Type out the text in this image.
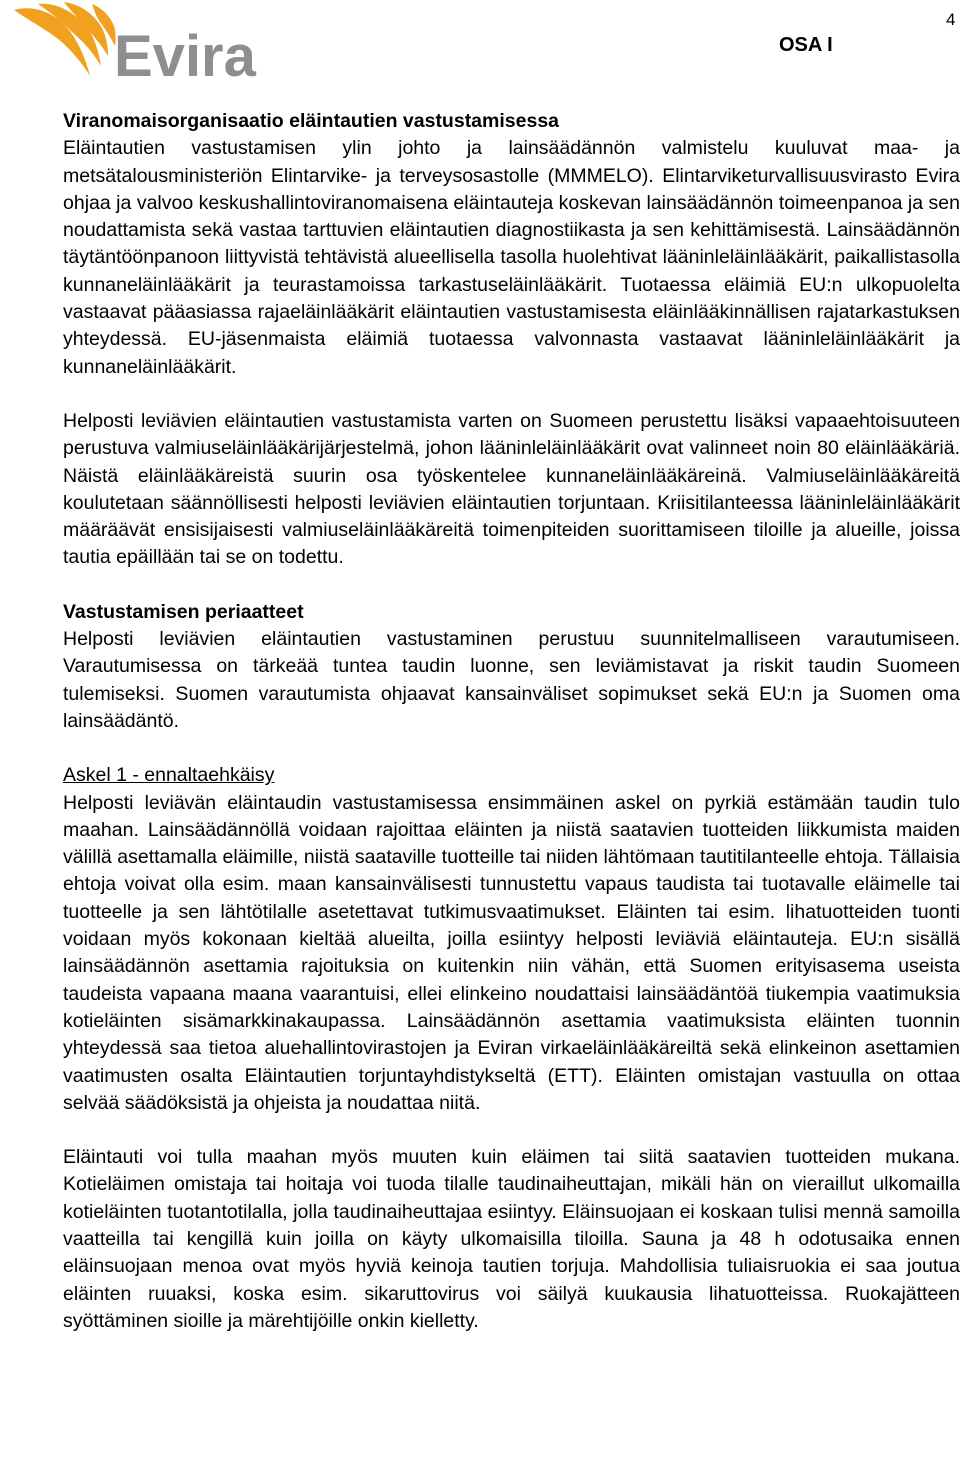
Evira	OSA I
4

Viranomaisorganisaatio eläintautien vastustamisessa

Eläintautien vastustamisen ylin johto ja lainsäädännön valmistelu kuuluvat maa- ja metsätalousministeriön Elintarvike- ja terveysosastolle (MMMELO). Elintarviketurvallisuusvirasto Evira ohjaa ja valvoo keskushallintoviranomaisena eläintauteja koskevan lainsäädännön toimeenpanoa ja sen noudattamista sekä vastaa tarttuvien eläintautien diagnostiikasta ja sen kehittämisestä. Lainsäädännön täytäntöönpanoon liittyvistä tehtävistä alueellisella tasolla huolehtivat lääninleläinlääkärit, paikallistasolla kunnaneläinlääkärit ja teurastamoissa tarkastuseläinlääkärit. Tuotaessa eläimiä EU:n ulkopuolelta vastaavat pääasiassa rajaeläinlääkärit eläintautien vastustamisesta eläinlääkinnällisen rajatarkastuksen yhteydessä. EU-jäsenmaista eläimiä tuotaessa valvonnasta vastaavat lääninleläinlääkärit ja kunnaneläinlääkärit.

Helposti leviävien eläintautien vastustamista varten on Suomeen perustettu lisäksi vapaaehtoisuuteen perustuva valmiuseläinlääkärijärjestelmä, johon lääninleläinlääkärit ovat valinneet noin 80 eläinlääkäriä. Näistä eläinlääkäreistä suurin osa työskentelee kunnaneläinlääkäreinä. Valmiuseläinlääkäreitä koulutetaan säännöllisesti helposti leviävien eläintautien torjuntaan. Kriisitilanteessa lääninleläinlääkärit määräävät ensisijaisesti valmiuseläinlääkäreitä toimenpiteiden suorittamiseen tiloille ja alueille, joissa tautia epäillään tai se on todettu.

Vastustamisen periaatteet

Helposti leviävien eläintautien vastustaminen perustuu suunnitelmalliseen varautumiseen. Varautumisessa on tärkeää tuntea taudin luonne, sen leviämistavat ja riskit taudin Suomeen tulemiseksi. Suomen varautumista ohjaavat kansainväliset sopimukset sekä EU:n ja Suomen oma lainsäädäntö.

Askel 1 - ennaltaehkäisy

Helposti leviävän eläintaudin vastustamisessa ensimmäinen askel on pyrkiä estämään taudin tulo maahan. Lainsäädännöllä voidaan rajoittaa eläinten ja niistä saatavien tuotteiden liikkumista maiden välillä asettamalla eläimille, niistä saataville tuotteille tai niiden lähtömaan tautitilanteelle ehtoja. Tällaisia ehtoja voivat olla esim. maan kansainvälisesti tunnustettu vapaus taudista tai tuotavalle eläimelle tai tuotteelle ja sen lähtötilalle asetettavat tutkimusvaatimukset. Eläinten tai esim. lihatuotteiden tuonti voidaan myös kokonaan kieltää alueilta, joilla esiintyy helposti leviäviä eläintauteja. EU:n sisällä lainsäädännön asettamia rajoituksia on kuitenkin niin vähän, että Suomen erityisasema useista taudeista vapaana maana vaarantuisi, ellei elinkeino noudattaisi lainsäädäntöä tiukempia vaatimuksia kotieläinten sisämarkkinakaupassa. Lainsäädännön asettamia vaatimuksista eläinten tuonnin yhteydessä saa tietoa aluehallintovirastojen ja Eviran virkaeläinlääkäreiltä sekä elinkeinon asettamien vaatimusten osalta Eläintautien torjuntayhdistykseltä (ETT). Eläinten omistajan vastuulla on ottaa selvää säädöksistä ja ohjeista ja noudattaa niitä.

Eläintauti voi tulla maahan myös muuten kuin eläimen tai siitä saatavien tuotteiden mukana. Kotieläimen omistaja tai hoitaja voi tuoda tilalle taudinaiheuttajan, mikäli hän on vieraillut ulkomailla kotieläinten tuotantotilalla, jolla taudinaiheuttajaa esiintyy. Eläinsuojaan ei koskaan tulisi mennä samoilla vaatteilla tai kengillä kuin joilla on käyty ulkomaisilla tiloilla. Sauna ja 48 h odotusaika ennen eläinsuojaan menoa ovat myös hyviä keinoja tautien torjuja. Mahdollisia tuliaisruokia ei saa joutua eläinten ruuaksi, koska esim. sikaruttovirus voi säilyä kuukausia lihatuotteissa. Ruokajätteen syöttäminen sioille ja märehtijöille onkin kielletty.
